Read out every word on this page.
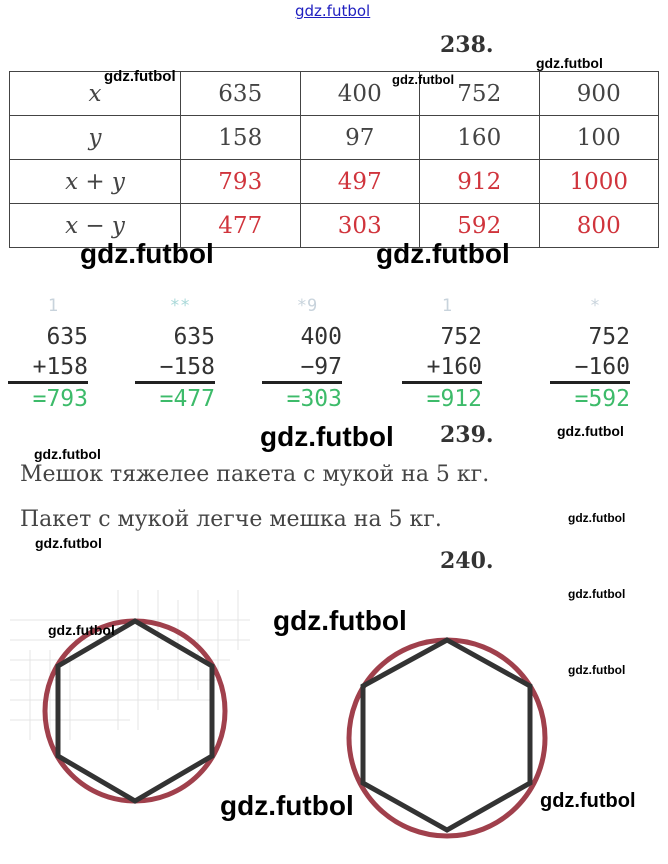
gdz.futbol
238.
x	635	400	752	900
y	158	97	160	100
x + y	793	497	912	1000
x − y	477	303	592	800
1
635
+158
=793
**
635
−158
=477
*9
400
−97
=303
1
752
+160
=912
*
752
−160
=592
239.
Мешок тяжелее пакета с мукой на 5 кг.
Пакет с мукой легче мешка на 5 кг.
240.
gdz.futbol	gdz.futbol
gdz.futbol
gdz.futbol	gdz.futbol
gdz.futbol
gdz.futbol
gdz.futbol
gdz.futbol
gdz.futbol
gdz.futbol
gdz.futbol
gdz.futbol
gdz.futbol
gdz.futbol	gdz.futbol
